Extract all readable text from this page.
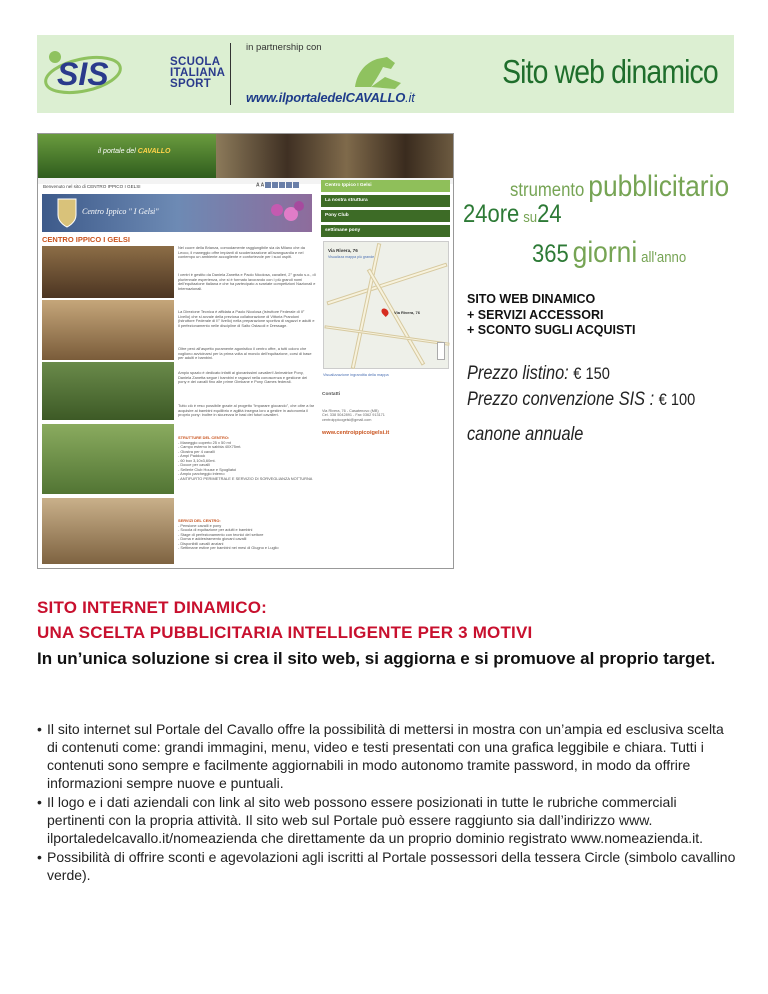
SIS	SCUOLA
ITALIANA
SPORT
in partnership con
www.ilportaledelCAVALLO.it
Sito web dinamico
il portale del CAVALLO
Benvenuto nel sito di CENTRO IPPICO I GELSI	A A
Centro Ippico " I Gelsi"
CENTRO IPPICO I GELSI
Nel cuore della Brianza, comodamente raggiungibile sia da Milano che da Lecco, il maneggio offre impianti di scuderizzazione all'avanguardia e nel contempo un ambiente accogliente e confortevole per i suoi ospiti.
I centri è gestito da Daniela Zanetta e Paolo Nicolosa, cavalieri, 2° grado s.o., di pluriennale esperienza, che si è formato lavorando con i più grandi nomi dell'equitazione italiana e che ha partecipato a svariate competizioni Nazionali e Internazionali.
La Direzione Tecnica è affidata a Paolo Nicolosa (Istruttore Federale di II° Livello) che si avvale della preziosa collaborazione di Vittoria Prandoni (Istruttore Federale di II° livello) nella preparazione sportiva di ragazzi e adulti e il perfezionamento nelle discipline di Salto Ostacoli e Dressage.
Oltre però all'aspetto puramente agonistico il centro offre, a tutti coloro che vogliono avvicinarsi per la prima volta al mondo dell'equitazione, corsi di base per adulti e bambini.
Ampio spazio è dedicato infatti ai giovanissimi cavalieri! Animatrice Pony, Daniela Zanetta segue i bambini e ragazzi nella conoscenza e gestione dei pony e dei cavalli fino alle prime Gimkane e Pony Games federali.
Tutto ciò è reso possibile grazie al progetto "imparare giocando", che oltre a far acquisire ai bambini equilibrio e agilità insegna loro a gestire in autonomia il proprio pony: inoltre in sicurezza le basi dei futuri cavalieri.
STRUTTURE DEL CENTRO:
- Maneggio coperto 25 x 50 mt
- Campo esterno in sabbia 40X75mt.
- Giostra per 4 cavalli
- Ampi Paddock
- 60 box 3,10x3,60mt.
- Docce per cavalli
- Sellerie Club House e Spogliatoi
- Ampio parcheggio interno
- ANTIFURTO PERIMETRALE E SERVIZIO DI SORVEGLIANZA NOTTURNA
SERVIZI DEL CENTRO:
- Pensione cavalli e pony
- Scuola di equitazione per adulti e bambini
- Stage di perfezionamento con tecnici del settore
- Doma e addestramento giovani cavalli
- Disponibili cavalli anziani
- Settimane estive per bambini nei mesi di Giugno e Luglio
Centro Ippico I Gelsi
La nostra struttura
Pony Club
settimane pony
Via Rivera, 76
Visualizza mappa più grande
Via Rivera, 76
Visualizzazione ingrandita della mappa
Contatti
Via Rivera, 76 - Casatenovo (MB)
Cel. 338 5042891 - Fax 0362 913171
centroippicogelsi@gmail.com
www.centroippicoigelsi.it
strumento pubblicitario
24ore su24
365 giorni all'anno
SITO WEB DINAMICO
+ SERVIZI ACCESSORI
+ SCONTO SUGLI ACQUISTI
Prezzo listino: € 150
Prezzo convenzione SIS : € 100
canone annuale
SITO INTERNET DINAMICO:
UNA SCELTA PUBBLICITARIA INTELLIGENTE PER 3 MOTIVI
In un’unica soluzione si crea il sito web, si aggiorna e si promuove al proprio target.
• Il sito internet sul Portale del Cavallo offre la possibilità di mettersi in mostra con un’ampia ed esclusiva scelta di contenuti come: grandi immagini, menu, video e testi presentati con una grafica leggibile e chiara. Tutti i contenuti sono sempre e facilmente aggiornabili in modo autonomo tramite password, in modo da offrire informazioni sempre nuove e puntuali.
• Il logo e i dati aziendali con link al sito web possono essere posizionati in tutte le rubriche commerciali pertinenti con la propria attività. Il sito web sul Portale può essere raggiunto sia dall’indirizzo www. ilportaledelcavallo.it/nomeazienda che direttamente da un proprio dominio registrato www.nomeazienda.it.
• Possibilità di offrire sconti e agevolazioni agli iscritti al Portale possessori della tessera Circle (simbolo cavallino verde).
